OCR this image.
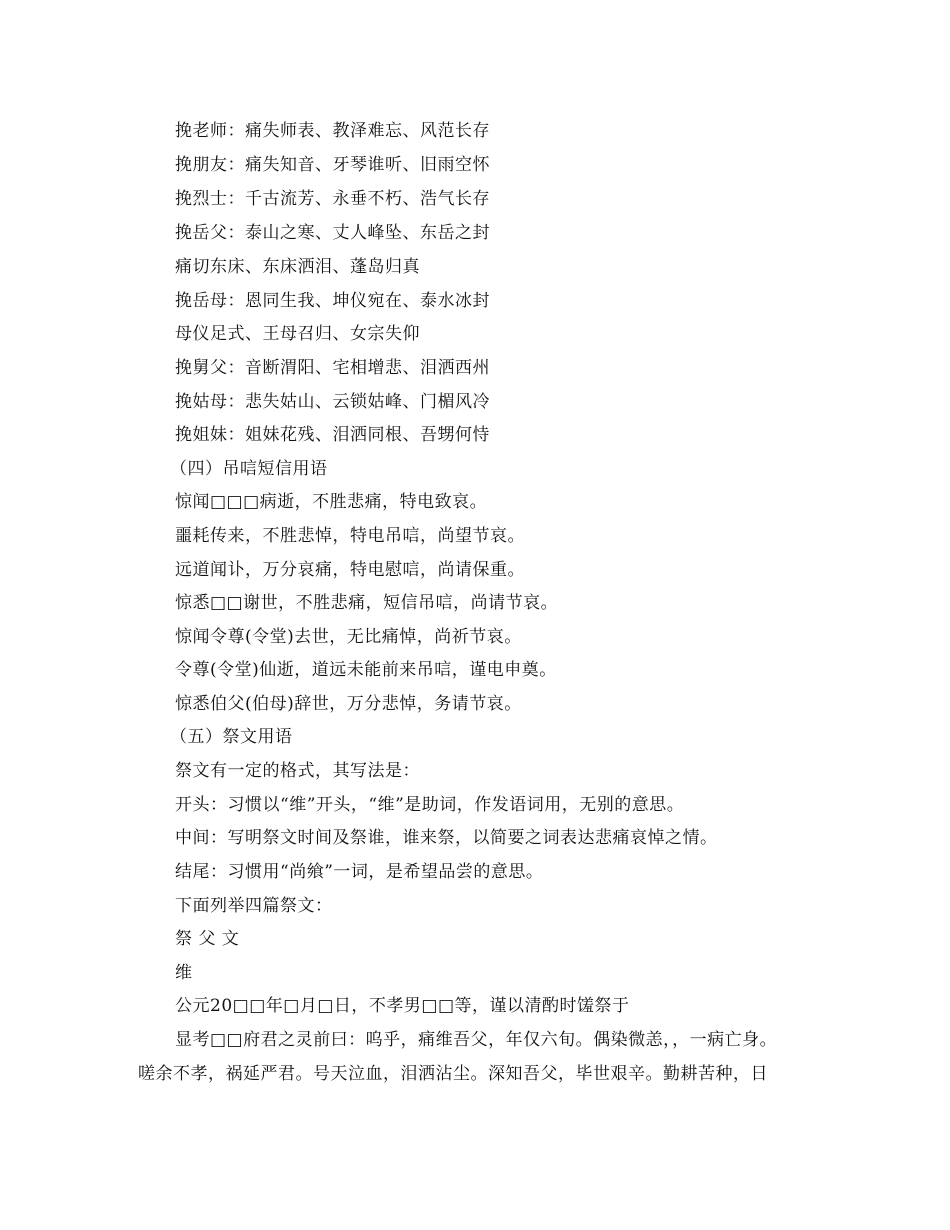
挽老师：痛失师表、教泽难忘、风范长存
挽朋友：痛失知音、牙琴谁听、旧雨空怀
挽烈士：千古流芳、永垂不朽、浩气长存
挽岳父：泰山之寒、丈人峰坠、东岳之封
痛切东床、东床洒泪、蓬岛归真
挽岳母：恩同生我、坤仪宛在、泰水冰封
母仪足式、王母召归、女宗失仰
挽舅父：音断渭阳、宅相增悲、泪洒西州
挽姑母：悲失姑山、云锁姑峰、门楣风冷
挽姐妹：姐妹花残、泪洒同根、吾甥何恃
（四）吊唁短信用语
惊闻□□□病逝，不胜悲痛，特电致哀。
噩耗传来，不胜悲悼，特电吊唁，尚望节哀。
远道闻讣，万分哀痛，特电慰唁，尚请保重。
惊悉□□谢世，不胜悲痛，短信吊唁，尚请节哀。
惊闻令尊(令堂)去世，无比痛悼，尚祈节哀。
令尊(令堂)仙逝，道远未能前来吊唁，谨电申奠。
惊悉伯父(伯母)辞世，万分悲悼，务请节哀。
（五）祭文用语
祭文有一定的格式，其写法是：
开头：习惯以“维”开头，“维”是助词，作发语词用，无别的意思。
中间：写明祭文时间及祭谁，谁来祭，以简要之词表达悲痛哀悼之情。
结尾：习惯用“尚飨”一词，是希望品尝的意思。
下面列举四篇祭文：
祭 父 文
维
公元20□□年□月□日，不孝男□□等，谨以清酌时馐祭于
显考□□府君之灵前曰：呜乎，痛维吾父，年仅六旬。偶染微恙，，一病亡身。
嗟余不孝，祸延严君。号天泣血，泪洒沾尘。深知吾父，毕世艰辛。勤耕苦种，日
